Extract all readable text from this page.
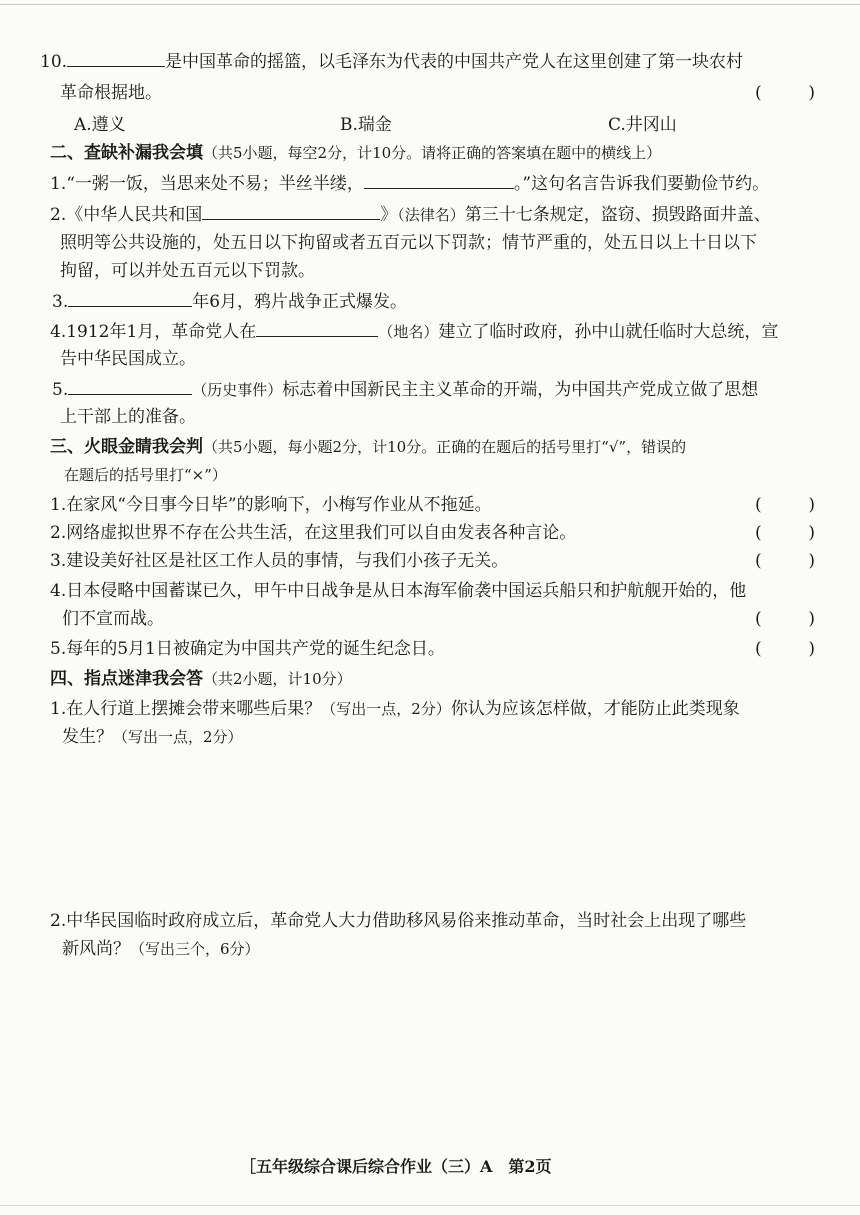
10.	是中国革命的摇篮，以毛泽东为代表的中国共产党人在这里创建了第一块农村
革命根据地。	(	)
A.遵义	B.瑞金	C.井冈山
二、查缺补漏我会填（共5小题，每空2分，计10分。请将正确的答案填在题中的横线上）
1.“一粥一饭，当思来处不易；半丝半缕，	。”这句名言告诉我们要勤俭节约。
2.《中华人民共和国	》（法律名）第三十七条规定，盗窃、损毁路面井盖、
照明等公共设施的，处五日以下拘留或者五百元以下罚款；情节严重的，处五日以上十日以下
拘留，可以并处五百元以下罚款。
3.	年6月，鸦片战争正式爆发。
4.1912年1月，革命党人在	（地名）建立了临时政府，孙中山就任临时大总统，宣
告中华民国成立。
5.	（历史事件）标志着中国新民主主义革命的开端，为中国共产党成立做了思想
上干部上的准备。
三、火眼金睛我会判（共5小题，每小题2分，计10分。正确的在题后的括号里打“√”，错误的
在题后的括号里打“×”）
1.在家风“今日事今日毕”的影响下，小梅写作业从不拖延。	(	)
2.网络虚拟世界不存在公共生活，在这里我们可以自由发表各种言论。	(	)
3.建设美好社区是社区工作人员的事情，与我们小孩子无关。	(	)
4.日本侵略中国蓄谋已久，甲午中日战争是从日本海军偷袭中国运兵船只和护航舰开始的，他
们不宣而战。	(	)
5.每年的5月1日被确定为中国共产党的诞生纪念日。	(	)
四、指点迷津我会答（共2小题，计10分）
1.在人行道上摆摊会带来哪些后果？（写出一点，2分）你认为应该怎样做，才能防止此类现象
发生？（写出一点，2分）
2.中华民国临时政府成立后，革命党人大力借助移风易俗来推动革命，当时社会上出现了哪些
新风尚？（写出三个，6分）
［五年级综合课后综合作业（三）A　第2页
